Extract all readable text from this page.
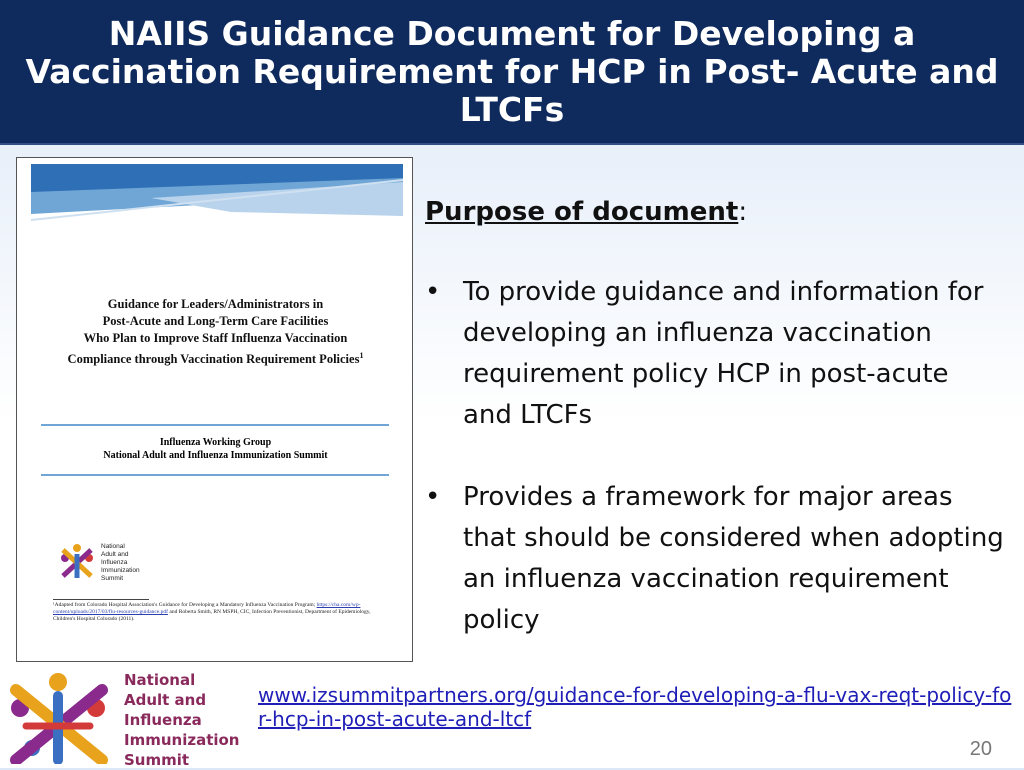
NAIIS Guidance Document for Developing a Vaccination Requirement for HCP in Post- Acute and LTCFs
Guidance for Leaders/Administrators in
Post-Acute and Long-Term Care Facilities
Who Plan to Improve Staff Influenza Vaccination
Compliance through Vaccination Requirement Policies$^1$
Influenza Working Group
National Adult and Influenza Immunization Summit
National
Adult and
Influenza
Immunization
Summit
¹Adapted from Colorado Hospital Association's Guidance for Developing a Mandatory Influenza Vaccination Program; https://cha.com/wp-content/uploads/2017/03/flu-resources-guidance.pdf and Roberta Smith, RN MSPH, CIC, Infection Preventionist, Department of Epidemiology, Children's Hospital Colorado (2011).

Purpose of document:

• To provide guidance and information for developing an influenza vaccination requirement policy HCP in post-acute and LTCFs
• Provides a framework for major areas that should be considered when adopting an influenza vaccination requirement policy
www.izsummitpartners.org/guidance-for-developing-a-flu-vax-reqt-policy-for-hcp-in-post-acute-and-ltcf
National
Adult and
Influenza
Immunization
Summit	20
